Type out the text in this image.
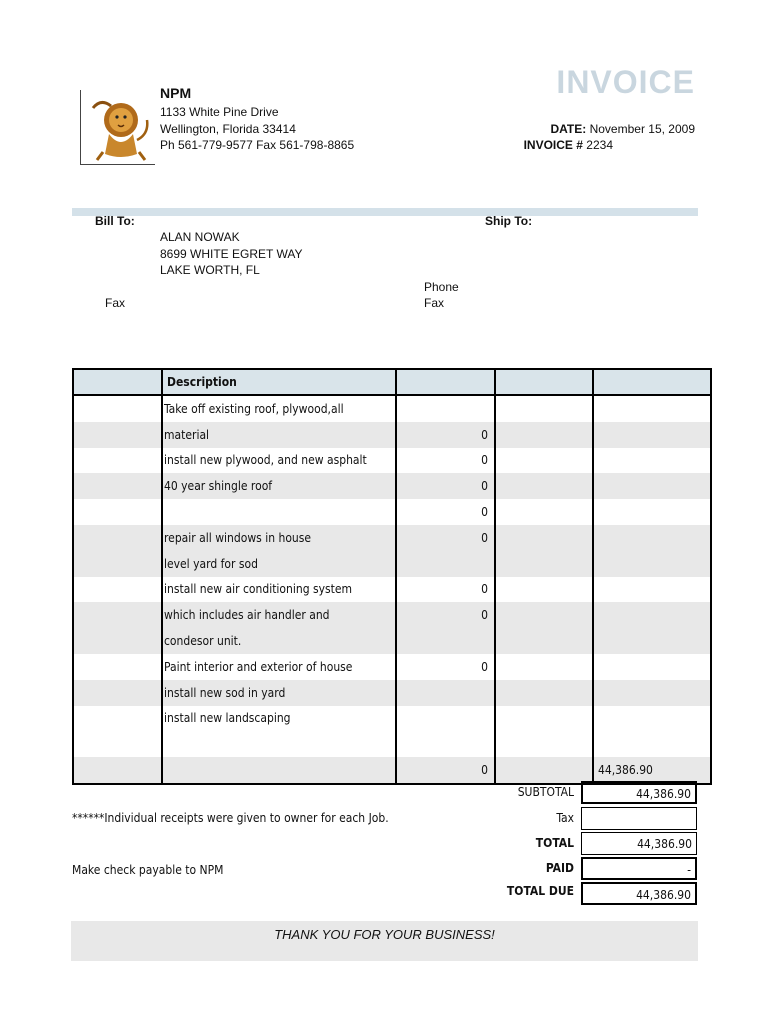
NPM
1133 White Pine Drive
Wellington, Florida 33414
Ph 561-779-9577 Fax 561-798-8865
INVOICE
DATE: November 15, 2009
INVOICE # 2234
Bill To:
ALAN NOWAK
8699 WHITE EGRET WAY
LAKE WORTH, FL
Fax
Ship To:
Phone
Fax
	Description			
	Take off existing roof, plywood,all			
	material	0		
	install new plywood, and new asphalt	0		
	40 year shingle roof	0		
		0		
	repair all windows in house	0		
	level yard for sod			
	install new air conditioning system	0		
	which includes air handler and	0		
	condesor unit.			
	Paint interior and exterior of house	0		
	install new sod in yard			
	install new landscaping			

		0		44,386.90
******Individual receipts were given to owner for each Job.
Make check payable to NPM
SUBTOTAL	44,386.90
Tax
TOTAL	44,386.90
PAID	-
TOTAL DUE	44,386.90
THANK YOU FOR YOUR BUSINESS!
